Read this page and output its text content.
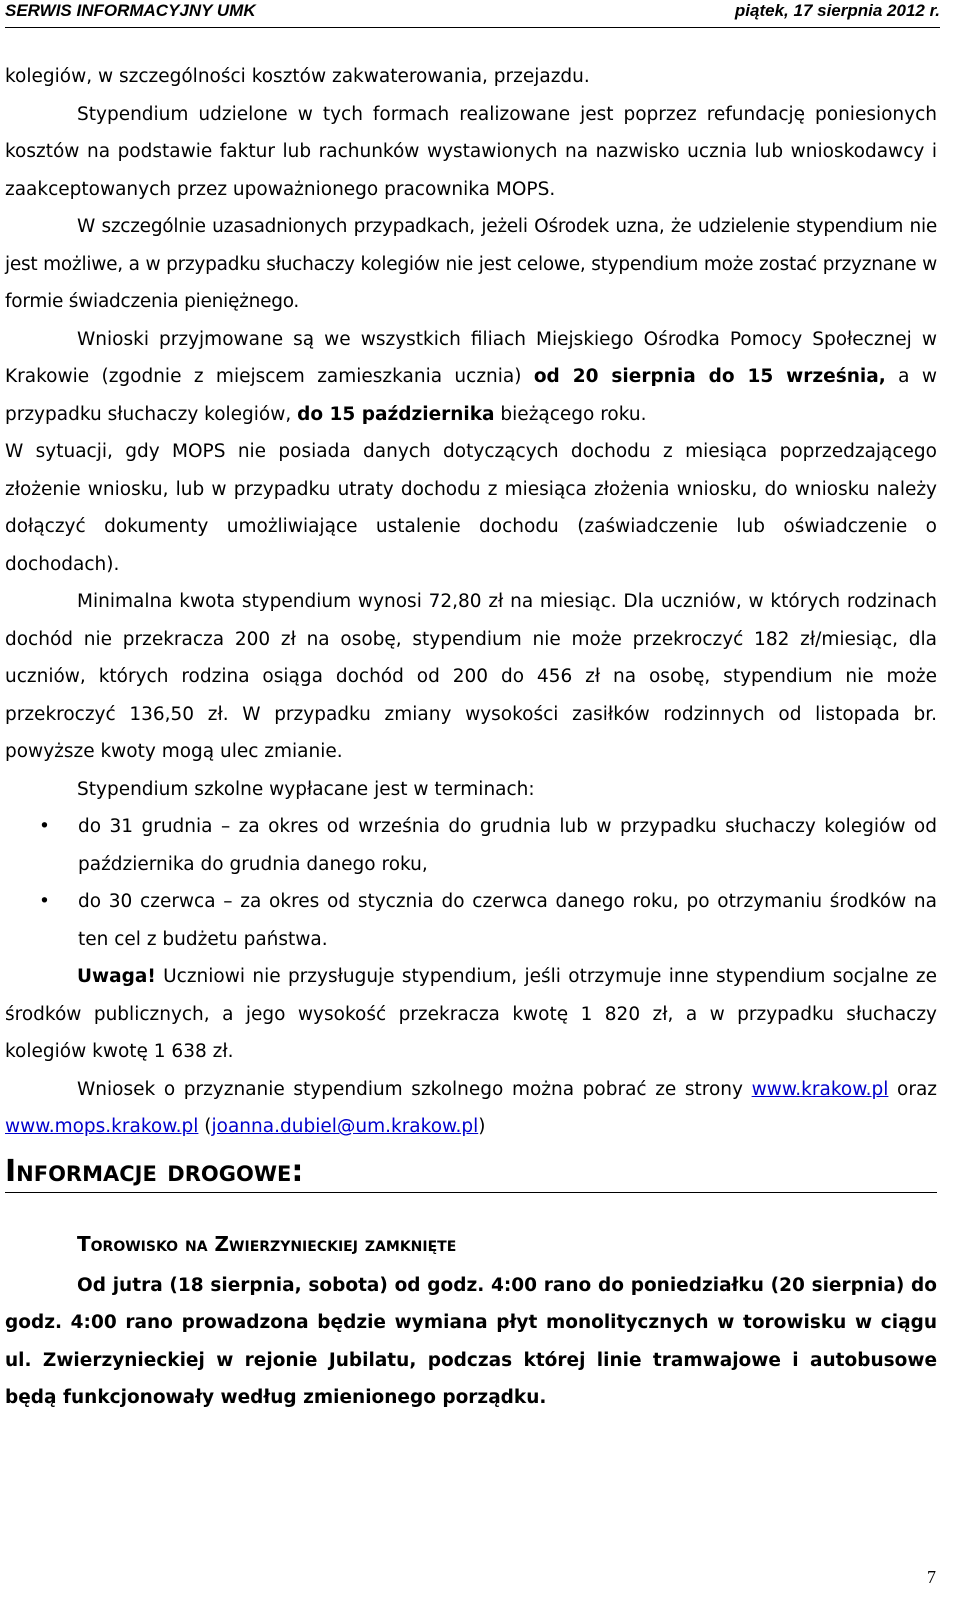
SERWIS INFORMACYJNY UMK	piątek, 17 sierpnia 2012 r.

kolegiów, w szczególności kosztów zakwaterowania, przejazdu.

Stypendium udzielone w tych formach realizowane jest poprzez refundację poniesionych kosztów na podstawie faktur lub rachunków wystawionych na nazwisko ucznia lub wnioskodawcy i zaakceptowanych przez upoważnionego pracownika MOPS.

W szczególnie uzasadnionych przypadkach, jeżeli Ośrodek uzna, że udzielenie stypendium nie jest możliwe, a w przypadku słuchaczy kolegiów nie jest celowe, stypendium może zostać przyznane w formie świadczenia pieniężnego.

Wnioski przyjmowane są we wszystkich filiach Miejskiego Ośrodka Pomocy Społecznej w Krakowie (zgodnie z miejscem zamieszkania ucznia) od 20 sierpnia do 15 września, a w przypadku słuchaczy kolegiów, do 15 października bieżącego roku.

W sytuacji, gdy MOPS nie posiada danych dotyczących dochodu z miesiąca poprzedzającego złożenie wniosku, lub w przypadku utraty dochodu z miesiąca złożenia wniosku, do wniosku należy dołączyć dokumenty umożliwiające ustalenie dochodu (zaświadczenie lub oświadczenie o dochodach).

Minimalna kwota stypendium wynosi 72,80 zł na miesiąc. Dla uczniów, w których rodzinach dochód nie przekracza 200 zł na osobę, stypendium nie może przekroczyć 182 zł/miesiąc, dla uczniów, których rodzina osiąga dochód od 200 do 456 zł na osobę, stypendium nie może przekroczyć 136,50 zł. W przypadku zmiany wysokości zasiłków rodzinnych od listopada br. powyższe kwoty mogą ulec zmianie.

Stypendium szkolne wypłacane jest w terminach:

• do 31 grudnia – za okres od września do grudnia lub w przypadku słuchaczy kolegiów od października do grudnia danego roku,
• do 30 czerwca – za okres od stycznia do czerwca danego roku, po otrzymaniu środków na ten cel z budżetu państwa.

Uwaga! Uczniowi nie przysługuje stypendium, jeśli otrzymuje inne stypendium socjalne ze środków publicznych, a jego wysokość przekracza kwotę 1 820 zł, a w przypadku słuchaczy kolegiów kwotę 1 638 zł.

Wniosek o przyznanie stypendium szkolnego można pobrać ze strony www.krakow.pl oraz www.mops.krakow.pl (joanna.dubiel@um.krakow.pl)

Informacje drogowe:
Torowisko na Zwierzynieckiej zamknięte

Od jutra (18 sierpnia, sobota) od godz. 4:00 rano do poniedziałku (20 sierpnia) do godz. 4:00 rano prowadzona będzie wymiana płyt monolitycznych w torowisku w ciągu ul. Zwierzynieckiej w rejonie Jubilatu, podczas której linie tramwajowe i autobusowe będą funkcjonowały według zmienionego porządku.

7
